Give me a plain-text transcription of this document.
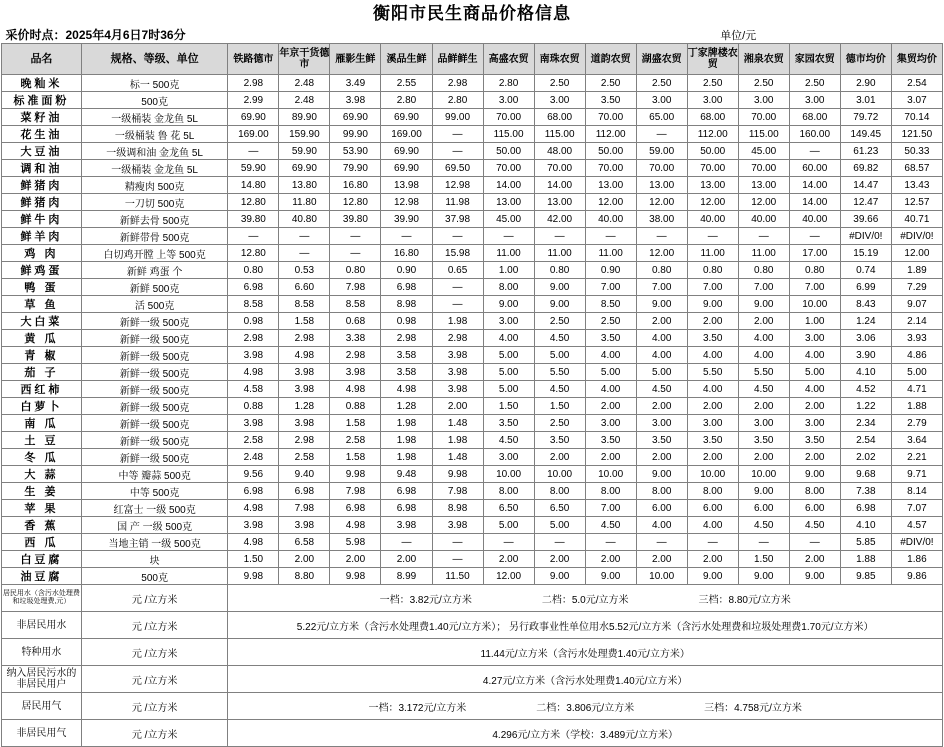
衡阳市民生商品价格信息
采价时点：2025年4月6日7时36分											单位/元				
品名	规格、等级、单位	铁路德市	年京干货德市	雁影生鲜	溪品生鲜	品鲜鲜生	高盛农贸	南珠农贸	道韵农贸	湖盛农贸	丁家牌楼农贸	湘泉农贸	家园农贸	德市均价	集贸均价
晚籼米	标一 500克	2.98	2.48	3.49	2.55	2.98	2.80	2.50	2.50	2.50	2.50	2.50	2.50	2.90	2.54
标准面粉	500克	2.99	2.48	3.98	2.80	2.80	3.00	3.00	3.50	3.00	3.00	3.00	3.00	3.01	3.07
菜籽油	一级桶装 金龙鱼 5L	69.90	89.90	69.90	69.90	99.00	70.00	68.00	70.00	65.00	68.00	70.00	68.00	79.72	70.14
花生油	一级桶装 鲁 花 5L	169.00	159.90	99.90	169.00	—	115.00	115.00	112.00	—	112.00	115.00	160.00	149.45	121.50
大豆油	一级调和油 金龙鱼 5L	—	59.90	53.90	69.90	—	50.00	48.00	50.00	59.00	50.00	45.00	—	61.23	50.33
调和油	一级桶装 金龙鱼 5L	59.90	69.90	79.90	69.90	69.50	70.00	70.00	70.00	70.00	70.00	70.00	60.00	69.82	68.57
鲜猪肉	精瘦肉 500克	14.80	13.80	16.80	13.98	12.98	14.00	14.00	13.00	13.00	13.00	13.00	14.00	14.47	13.43
鲜猪肉	一刀切 500克	12.80	11.80	12.80	12.98	11.98	13.00	13.00	12.00	12.00	12.00	12.00	14.00	12.47	12.57
鲜牛肉	新鲜去骨 500克	39.80	40.80	39.80	39.90	37.98	45.00	42.00	40.00	38.00	40.00	40.00	40.00	39.66	40.71
鲜羊肉	新鲜带骨 500克	—	—	—	—	—	—	—	—	—	—	—	—	#DIV/0!	#DIV/0!
鸡 肉	白切鸡开膛 上等 500克	12.80	—	—	16.80	15.98	11.00	11.00	11.00	12.00	11.00	11.00	17.00	15.19	12.00
鲜鸡蛋	新鲜 鸡蛋 个	0.80	0.53	0.80	0.90	0.65	1.00	0.80	0.90	0.80	0.80	0.80	0.80	0.74	1.89
鸭 蛋	新鲜 500克	6.98	6.60	7.98	6.98	—	8.00	9.00	7.00	7.00	7.00	7.00	7.00	6.99	7.29
草 鱼	活 500克	8.58	8.58	8.58	8.98	—	9.00	9.00	8.50	9.00	9.00	9.00	10.00	8.43	9.07
大白菜	新鲜一级 500克	0.98	1.58	0.68	0.98	1.98	3.00	2.50	2.50	2.00	2.00	2.00	1.00	1.24	2.14
黄 瓜	新鲜一级 500克	2.98	2.98	3.38	2.98	2.98	4.00	4.50	3.50	4.00	3.50	4.00	3.00	3.06	3.93
青 椒	新鲜一级 500克	3.98	4.98	2.98	3.58	3.98	5.00	5.00	4.00	4.00	4.00	4.00	4.00	3.90	4.86
茄 子	新鲜一级 500克	4.98	3.98	3.98	3.58	3.98	5.00	5.50	5.00	5.00	5.50	5.50	5.00	4.10	5.00
西红柿	新鲜一级 500克	4.58	3.98	4.98	4.98	3.98	5.00	4.50	4.00	4.50	4.00	4.50	4.00	4.52	4.71
白萝卜	新鲜一级 500克	0.88	1.28	0.88	1.28	2.00	1.50	1.50	2.00	2.00	2.00	2.00	2.00	1.22	1.88
南 瓜	新鲜一级 500克	3.98	3.98	1.58	1.98	1.48	3.50	2.50	3.00	3.00	3.00	3.00	3.00	2.34	2.79
土 豆	新鲜一级 500克	2.58	2.98	2.58	1.98	1.98	4.50	3.50	3.50	3.50	3.50	3.50	3.50	2.54	3.64
冬 瓜	新鲜一级 500克	2.48	2.58	1.58	1.98	1.48	3.00	2.00	2.00	2.00	2.00	2.00	2.00	2.02	2.21
大 蒜	中等 瓣蒜 500克	9.56	9.40	9.98	9.48	9.98	10.00	10.00	10.00	9.00	10.00	10.00	9.00	9.68	9.71
生 姜	中等 500克	6.98	6.98	7.98	6.98	7.98	8.00	8.00	8.00	8.00	8.00	9.00	8.00	7.38	8.14
苹 果	红富士 一级 500克	4.98	7.98	6.98	6.98	8.98	6.50	6.50	7.00	6.00	6.00	6.00	6.00	6.98	7.07
香 蕉	国 产 一级 500克	3.98	3.98	4.98	3.98	3.98	5.00	5.00	4.50	4.00	4.00	4.50	4.50	4.10	4.57
西 瓜	当地主销 一级 500克	4.98	6.58	5.98	—	—	—	—	—	—	—	—	—	5.85	#DIV/0!
白豆腐	块	1.50	2.00	2.00	2.00	—	2.00	2.00	2.00	2.00	2.00	1.50	2.00	1.88	1.86
油豆腐	500克	9.98	8.80	9.98	8.99	11.50	12.00	9.00	9.00	10.00	9.00	9.00	9.00	9.85	9.86
居民用水（含污水处理费和垃圾处理费,元）	元 /立方米	一档：3.82元/立方米 二档：5.0元/立方米 三档：8.80元/立方米													
非居民用水	元 /立方米	5.22元/立方米（含污水处理费1.40元/立方米）； 另行政事业性单位用水5.52元/立方米（含污水处理费和垃圾处理费1.70元/立方米）													
特种用水	元 /立方米	11.44元/立方米（含污水处理费1.40元/立方米）													
纳入居民污水的非居民用户	元 /立方米	4.27元/立方米（含污水处理费1.40元/立方米）													
居民用气	元 /立方米	一档：3.172元/立方米 二档：3.806元/立方米 三档：4.758元/立方米													
非居民用气	元 /立方米	4.296元/立方米（学校：3.489元/立方米）													
